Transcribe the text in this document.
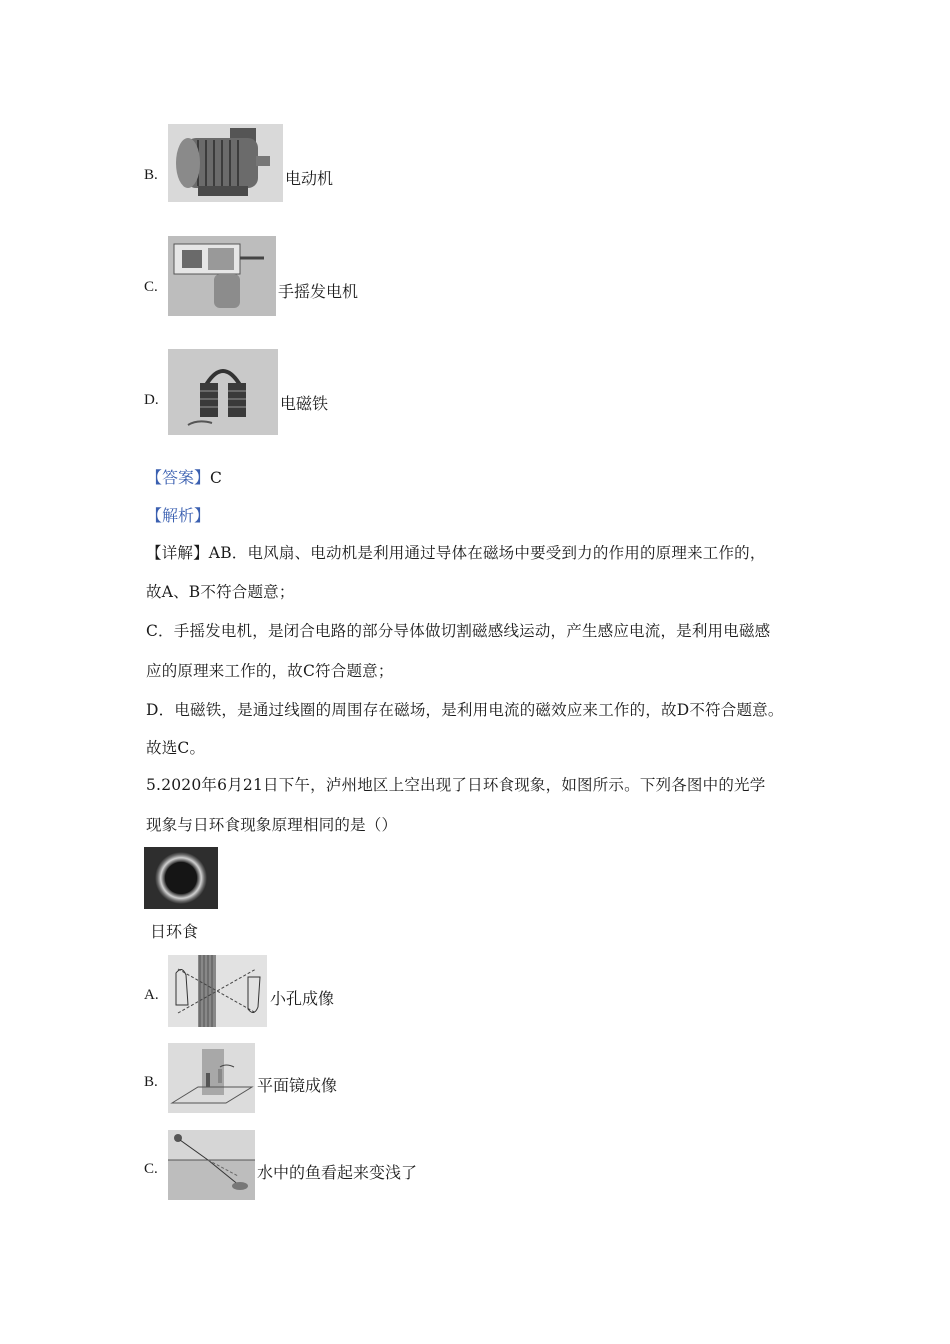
B.	电动机
C.	手摇发电机
D.	电磁铁
【答案】C
【解析】
【详解】AB．电风扇、电动机是利用通过导体在磁场中要受到力的作用的原理来工作的，
故A、B不符合题意；
C．手摇发电机，是闭合电路的部分导体做切割磁感线运动，产生感应电流，是利用电磁感
应的原理来工作的，故C符合题意；
D．电磁铁，是通过线圈的周围存在磁场，是利用电流的磁效应来工作的，故D不符合题意。
故选C。
5.2020年6月21日下午，泸州地区上空出现了日环食现象，如图所示。下列各图中的光学
现象与日环食现象原理相同的是（）
日环食
A.	小孔成像
B.	平面镜成像
C.	水中的鱼看起来变浅了
